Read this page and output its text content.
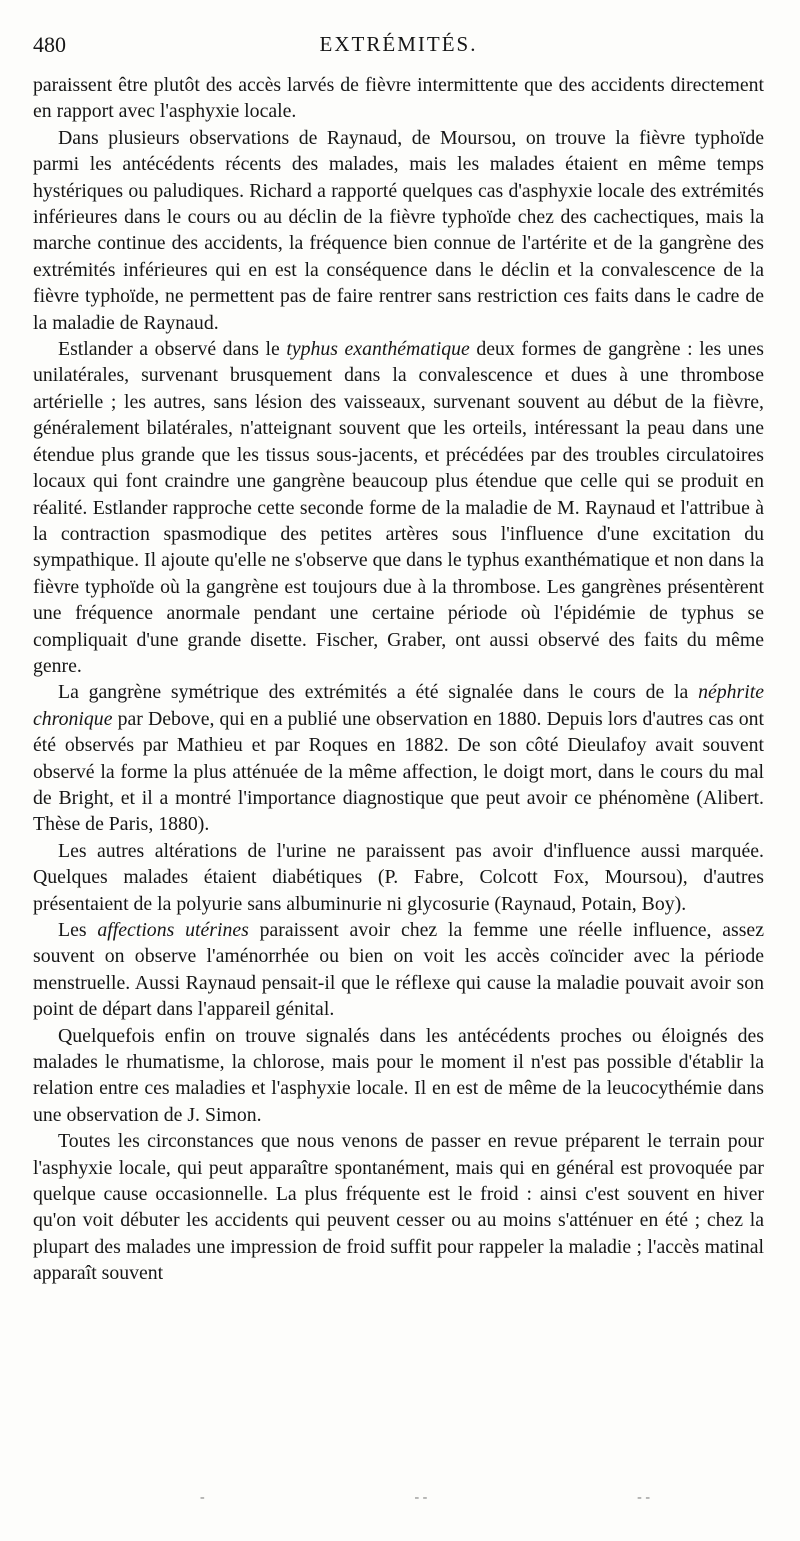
480	EXTRÉMITÉS.

paraissent être plutôt des accès larvés de fièvre intermittente que des accidents directement en rapport avec l'asphyxie locale.

Dans plusieurs observations de Raynaud, de Moursou, on trouve la fièvre typhoïde parmi les antécédents récents des malades, mais les malades étaient en même temps hystériques ou paludiques. Richard a rapporté quelques cas d'asphyxie locale des extrémités inférieures dans le cours ou au déclin de la fièvre typhoïde chez des cachectiques, mais la marche continue des accidents, la fréquence bien connue de l'artérite et de la gangrène des extrémités inférieures qui en est la conséquence dans le déclin et la convalescence de la fièvre typhoïde, ne permettent pas de faire rentrer sans restriction ces faits dans le cadre de la maladie de Raynaud.

Estlander a observé dans le typhus exanthématique deux formes de gangrène : les unes unilatérales, survenant brusquement dans la convalescence et dues à une thrombose artérielle ; les autres, sans lésion des vaisseaux, survenant souvent au début de la fièvre, généralement bilatérales, n'atteignant souvent que les orteils, intéressant la peau dans une étendue plus grande que les tissus sous-jacents, et précédées par des troubles circulatoires locaux qui font craindre une gangrène beaucoup plus étendue que celle qui se produit en réalité. Estlander rapproche cette seconde forme de la maladie de M. Raynaud et l'attribue à la contraction spasmodique des petites artères sous l'influence d'une excitation du sympathique. Il ajoute qu'elle ne s'observe que dans le typhus exanthématique et non dans la fièvre typhoïde où la gangrène est toujours due à la thrombose. Les gangrènes présentèrent une fréquence anormale pendant une certaine période où l'épidémie de typhus se compliquait d'une grande disette. Fischer, Graber, ont aussi observé des faits du même genre.

La gangrène symétrique des extrémités a été signalée dans le cours de la néphrite chronique par Debove, qui en a publié une observation en 1880. Depuis lors d'autres cas ont été observés par Mathieu et par Roques en 1882. De son côté Dieulafoy avait souvent observé la forme la plus atténuée de la même affection, le doigt mort, dans le cours du mal de Bright, et il a montré l'importance diagnostique que peut avoir ce phénomène (Alibert. Thèse de Paris, 1880).

Les autres altérations de l'urine ne paraissent pas avoir d'influence aussi marquée. Quelques malades étaient diabétiques (P. Fabre, Colcott Fox, Moursou), d'autres présentaient de la polyurie sans albuminurie ni glycosurie (Raynaud, Potain, Boy).

Les affections utérines paraissent avoir chez la femme une réelle influence, assez souvent on observe l'aménorrhée ou bien on voit les accès coïncider avec la période menstruelle. Aussi Raynaud pensait-il que le réflexe qui cause la maladie pouvait avoir son point de départ dans l'appareil génital.

Quelquefois enfin on trouve signalés dans les antécédents proches ou éloignés des malades le rhumatisme, la chlorose, mais pour le moment il n'est pas possible d'établir la relation entre ces maladies et l'asphyxie locale. Il en est de même de la leucocythémie dans une observation de J. Simon.

Toutes les circonstances que nous venons de passer en revue préparent le terrain pour l'asphyxie locale, qui peut apparaître spontanément, mais qui en général est provoquée par quelque cause occasionnelle. La plus fréquente est le froid : ainsi c'est souvent en hiver qu'on voit débuter les accidents qui peuvent cesser ou au moins s'atténuer en été ; chez la plupart des malades une impression de froid suffit pour rappeler la maladie ; l'accès matinal apparaît souvent

-	- -	- -
